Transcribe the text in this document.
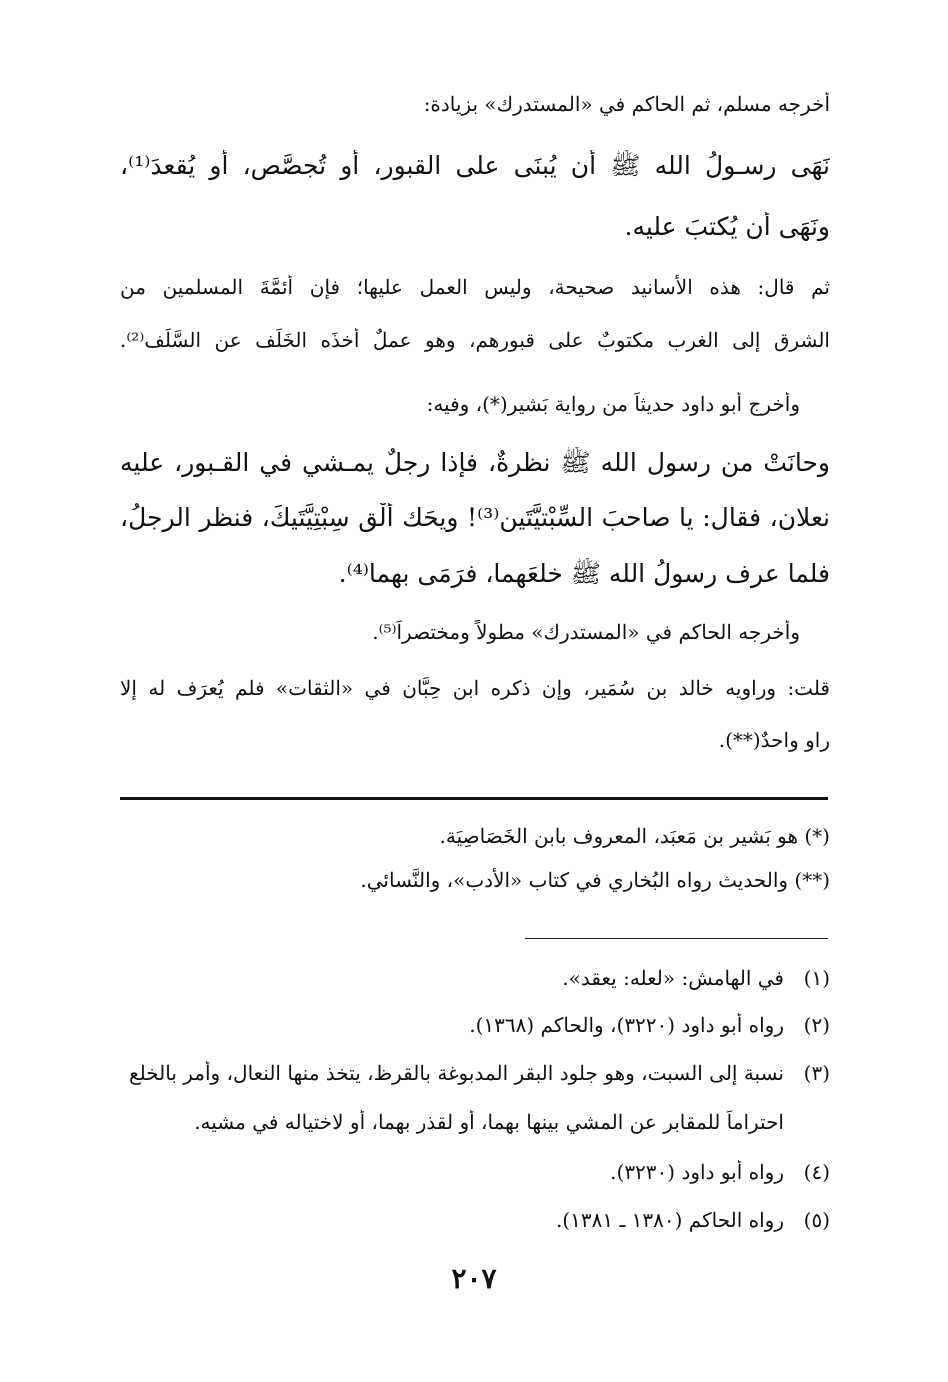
أخرجه مسلم، ثم الحاكم في «المستدرك» بزيادة:
نَهَى رسـولُ الله ﷺ أن يُبنَى على القبور، أو تُجصَّص، أو يُقعدَ⁽¹⁾،
ونَهَى أن يُكتبَ عليه.
ثم قال: هذه الأسانيد صحيحة، وليس العمل عليها؛ فإن أئمَّةَ المسلمين من
الشرق إلى الغرب مكتوبٌ على قبورهم، وهو عملٌ أخذَه الخَلَف عن السَّلَف⁽²⁾.
وأخرج أبو داود حديثاً من رواية بَشير(*)، وفيه:
وحانَتْ من رسول الله ﷺ نظرةٌ، فإذا رجلٌ يمـشي في القـبور، عليه
نعلانِ، فقال: يا صاحبَ السِّبْتيَّتَينِ⁽³⁾! ويحَك ألْقِ سِبْتِيَّتَيكَ، فنظر الرجلُ،
فلما عرف رسولُ الله ﷺ خلعَهما، فرَمَى بهما⁽⁴⁾.
وأخرجه الحاكم في «المستدرك» مطولاً ومختصراً⁽⁵⁾.
قلت: وراويه خالد بن سُمَير، وإن ذكره ابن حِبَّان في «الثقات» فلم يُعرَف له إلا
راوٍ واحدٌ(**).
(*) هو بَشير بن مَعبَد، المعروف بابن الخَصَاصِيَة.
(**) والحديث رواه البُخاري في كتاب «الأدب»، والنَّسائي.
(١)في الهامش: «لعله: يعقد».
(٢)رواه أبو داود (٣٢٢٠)، والحاكم (١٣٦٨).
(٣)نسبة إلى السبت، وهو جلود البقر المدبوغة بالقرظ، يتخذ منها النعال، وأمر بالخلع
احتراماً للمقابر عن المشي بينها بهما، أو لقذر بهما، أو لاختياله في مشيه.
(٤)رواه أبو داود (٣٢٣٠).
(٥)رواه الحاكم (١٣٨٠ ـ ١٣٨١).
٢٠٧
